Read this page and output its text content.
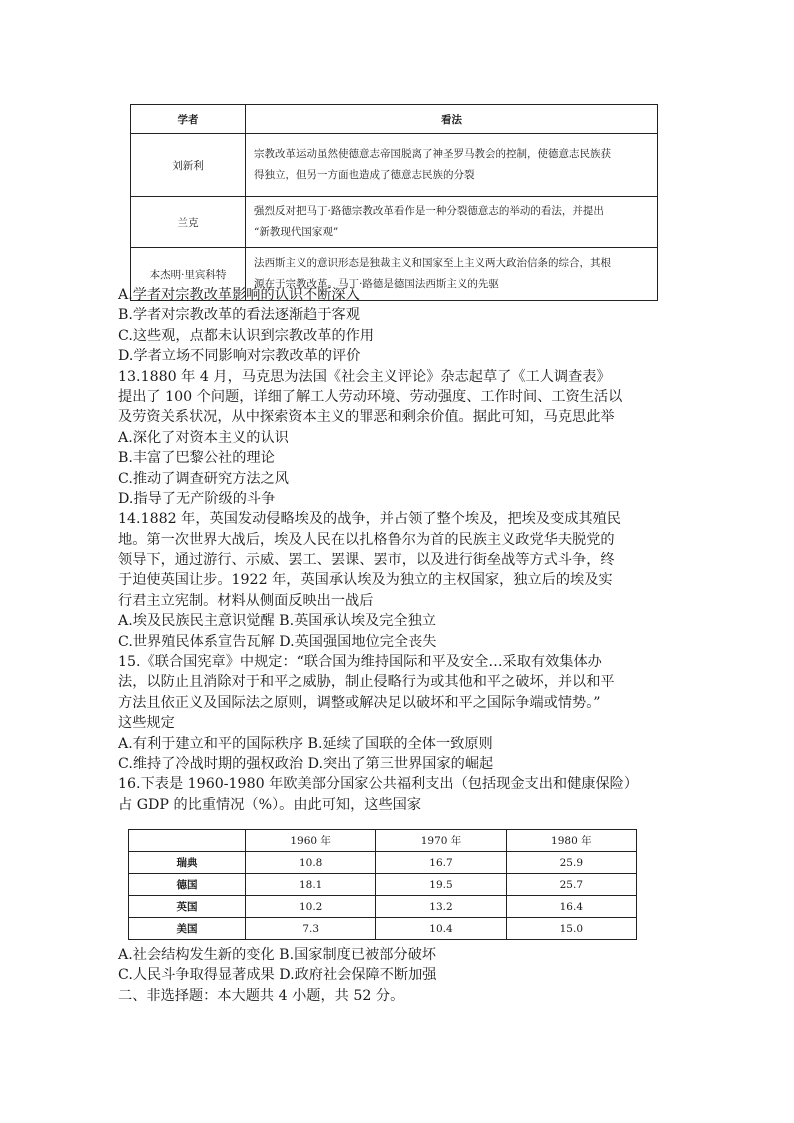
学者	看法
刘新利	宗教改革运动虽然使德意志帝国脱离了神圣罗马教会的控制，使德意志民族获
得独立，但另一方面也造成了德意志民族的分裂

兰克	强烈反对把马丁·路德宗教改革看作是一种分裂德意志的举动的看法，并提出
“新教现代国家观”

本杰明·里宾科特	法西斯主义的意识形态是独裁主义和国家至上主义两大政治信条的综合，其根
源在于宗教改革。马丁·路德是德国法西斯主义的先驱
A.学者对宗教改革影响的认识不断深入
B.学者对宗教改革的看法逐渐趋于客观
C.这些观，点都未认识到宗教改革的作用
D.学者立场不同影响对宗教改革的评价
13.1880 年 4 月，马克思为法国《社会主义评论》杂志起草了《工人调查表》
提出了 100 个问题，详细了解工人劳动环境、劳动强度、工作时间、工资生活以
及劳资关系状况，从中探索资本主义的罪恶和剩余价值。据此可知，马克思此举
A.深化了对资本主义的认识
B.丰富了巴黎公社的理论
C.推动了调查研究方法之风
D.指导了无产阶级的斗争
14.1882 年，英国发动侵略埃及的战争，并占领了整个埃及，把埃及变成其殖民
地。第一次世界大战后，埃及人民在以扎格鲁尔为首的民族主义政党华夫脱党的
领导下，通过游行、示威、罢工、罢课、罢市，以及进行街垒战等方式斗争，终
于迫使英国让步。1922 年，英国承认埃及为独立的主权国家，独立后的埃及实
行君主立宪制。材料从侧面反映出一战后
A.埃及民族民主意识觉醒 B.英国承认埃及完全独立
C.世界殖民体系宣告瓦解 D.英国强国地位完全丧失
15.《联合国宪章》中规定：“联合国为维持国际和平及安全…采取有效集体办
法，以防止且消除对于和平之威胁，制止侵略行为或其他和平之破坏，并以和平
方法且依正义及国际法之原则，调整或解决足以破坏和平之国际争端或情势。”
这些规定
A.有利于建立和平的国际秩序 B.延续了国联的全体一致原则
C.维持了冷战时期的强权政治 D.突出了第三世界国家的崛起
16.下表是 1960-1980 年欧美部分国家公共福利支出（包括现金支出和健康保险）
占 GDP 的比重情况（%）。由此可知，这些国家
	1960 年	1970 年	1980 年
瑞典	10.8	16.7	25.9
德国	18.1	19.5	25.7
英国	10.2	13.2	16.4
美国	7.3	10.4	15.0
A.社会结构发生新的变化 B.国家制度已被部分破坏
C.人民斗争取得显著成果 D.政府社会保障不断加强
二、非选择题：本大题共 4 小题，共 52 分。
